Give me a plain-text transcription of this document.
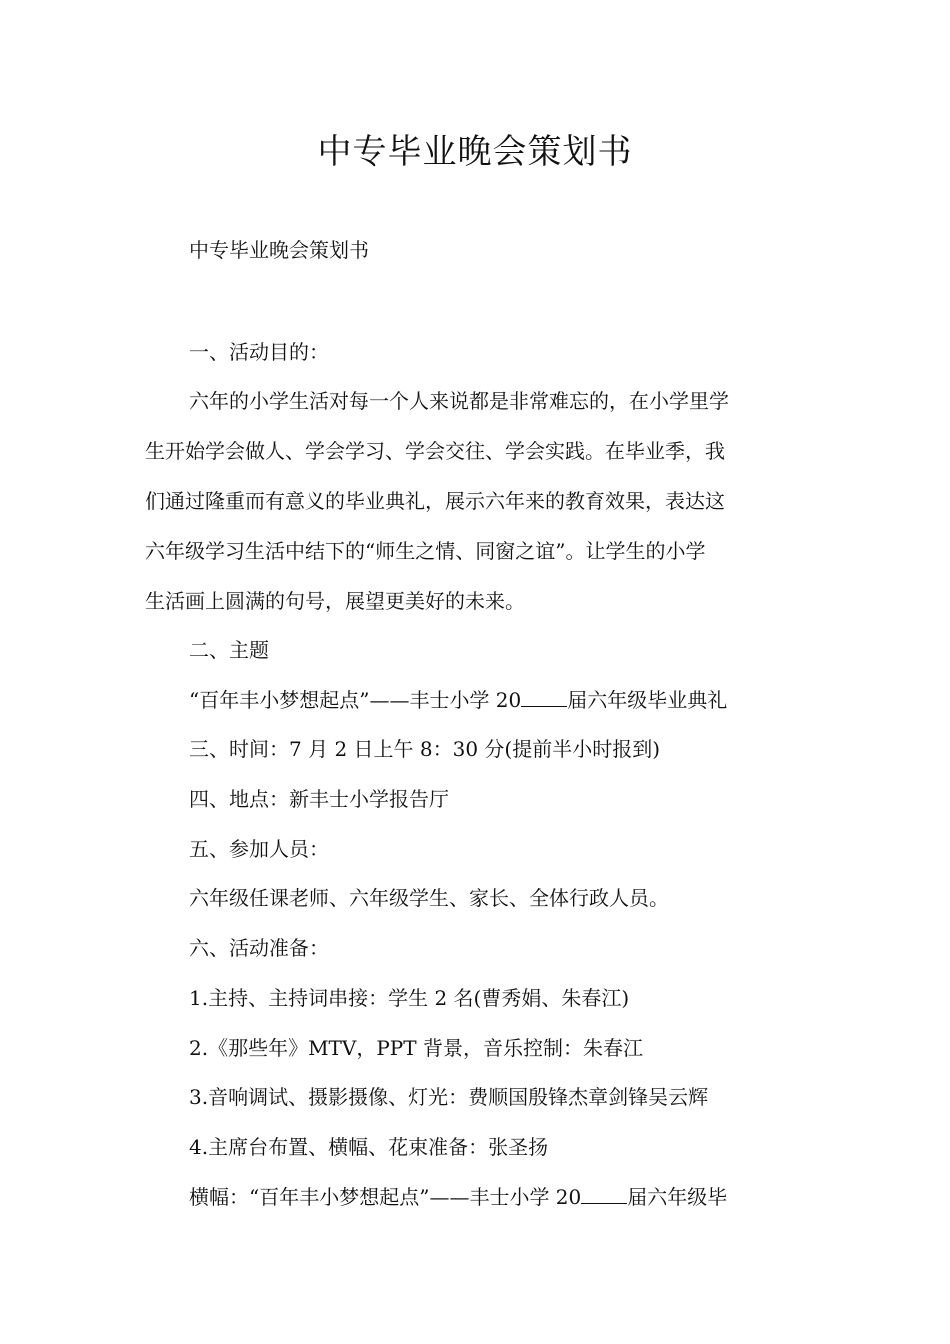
中专毕业晚会策划书

中专毕业晚会策划书

一、活动目的：

六年的小学生活对每一个人来说都是非常难忘的，在小学里学

生开始学会做人、学会学习、学会交往、学会实践。在毕业季，我

们通过隆重而有意义的毕业典礼，展示六年来的教育效果，表达这

六年级学习生活中结下的“师生之情、同窗之谊”。让学生的小学

生活画上圆满的句号，展望更美好的未来。

二、主题

“百年丰小梦想起点”——丰士小学 20 届六年级毕业典礼

三、时间：7 月 2 日上午 8：30 分(提前半小时报到)

四、地点：新丰士小学报告厅

五、参加人员：

六年级任课老师、六年级学生、家长、全体行政人员。

六、活动准备：

1.主持、主持词串接：学生 2 名(曹秀娟、朱春江)

2.《那些年》MTV，PPT 背景，音乐控制：朱春江

3.音响调试、摄影摄像、灯光：费顺国殷锋杰章剑锋吴云辉

4.主席台布置、横幅、花束准备：张圣扬

横幅：“百年丰小梦想起点”——丰士小学 20 届六年级毕
